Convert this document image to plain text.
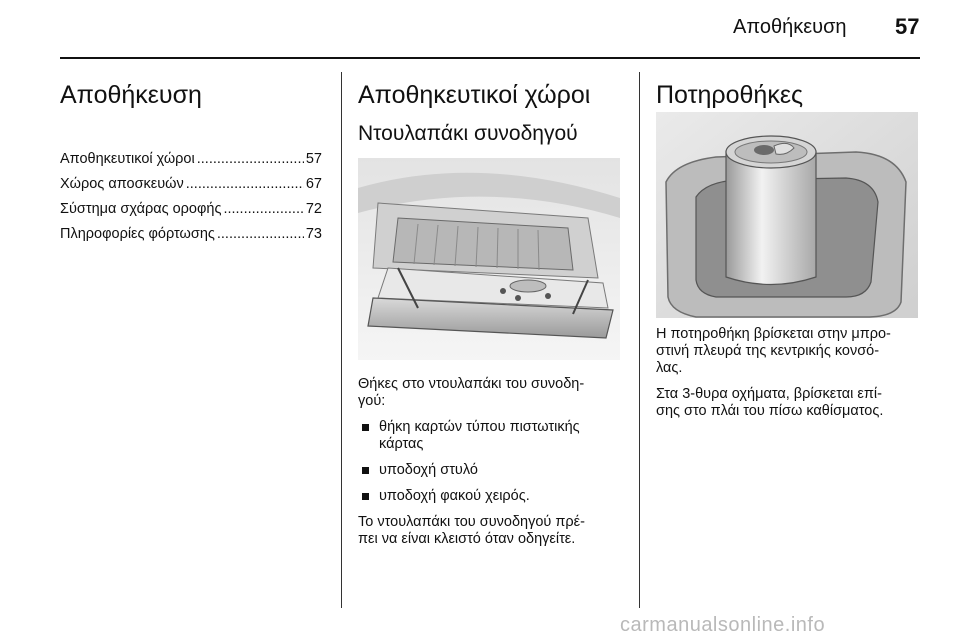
Αποθήκευση 57
Αποθήκευση
Αποθηκευτικοί χώροι .....	57
Χώρος αποσκευών .....	67
Σύστημα σχάρας οροφής .....	72
Πληροφορίες φόρτωσης .....	73
Αποθηκευτικοί χώροι
Ντουλαπάκι συνοδηγού

Θήκες στο ντουλαπάκι του συνοδη-
γού:

θήκη καρτών τύπου πιστωτικής
κάρτας
υποδοχή στυλό
υποδοχή φακού χειρός.

Το ντουλαπάκι του συνοδηγού πρέ-
πει να είναι κλειστό όταν οδηγείτε.

Ποτηροθήκες

Η ποτηροθήκη βρίσκεται στην μπρο-
στινή πλευρά της κεντρικής κονσό-
λας.

Στα 3-θυρα οχήματα, βρίσκεται επί-
σης στο πλάι του πίσω καθίσματος.

carmanualsonline.info
